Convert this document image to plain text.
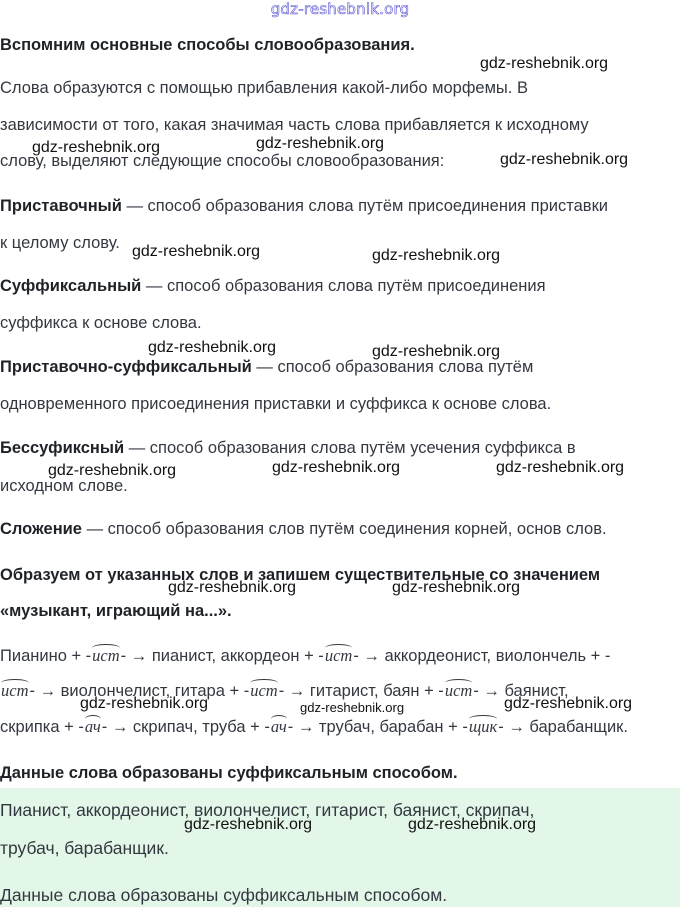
gdz-reshebnik.org
Вспомним основные способы словообразования.
Слова образуются с помощью прибавления какой-либо морфемы. В
зависимости от того, какая значимая часть слова прибавляется к исходному
слову, выделяют следующие способы словообразования:
Приставочный — способ образования слова путём присоединения приставки
к целому слову.
Суффиксальный — способ образования слова путём присоединения
суффикса к основе слова.
Приставочно-суффиксальный — способ образования слова путём
одновременного присоединения приставки и суффикса к основе слова.
Бессуфиксный — способ образования слова путём усечения суффикса в
исходном слове.
Сложение — способ образования слов путём соединения корней, основ слов.
Образуем от указанных слов и запишем существительные со значением
«музыкант, играющий на...».
Пианино + -ист- → пианист, аккордеон + -ист- → аккордеонист, виолончель + -
ист- → виолончелист, гитара + -ист- → гитарист, баян + -ист- → баянист,
скрипка + -ач- → скрипач, труба + -ач- → трубач, барабан + -щик- → барабанщик.
Данные слова образованы суффиксальным способом.
Пианист, аккордеонист, виолончелист, гитарист, баянист, скрипач,
трубач, барабанщик.
Данные слова образованы суффиксальным способом.
gdz-reshebnik.org
gdz-reshebnik.org	gdz-reshebnik.org
gdz-reshebnik.org
gdz-reshebnik.org	gdz-reshebnik.org
gdz-reshebnik.org	gdz-reshebnik.org
gdz-reshebnik.org	gdz-reshebnik.org	gdz-reshebnik.org
gdz-reshebnik.org	gdz-reshebnik.org
gdz-reshebnik.org	gdz-reshebnik.org	gdz-reshebnik.org
gdz-reshebnik.org	gdz-reshebnik.org
